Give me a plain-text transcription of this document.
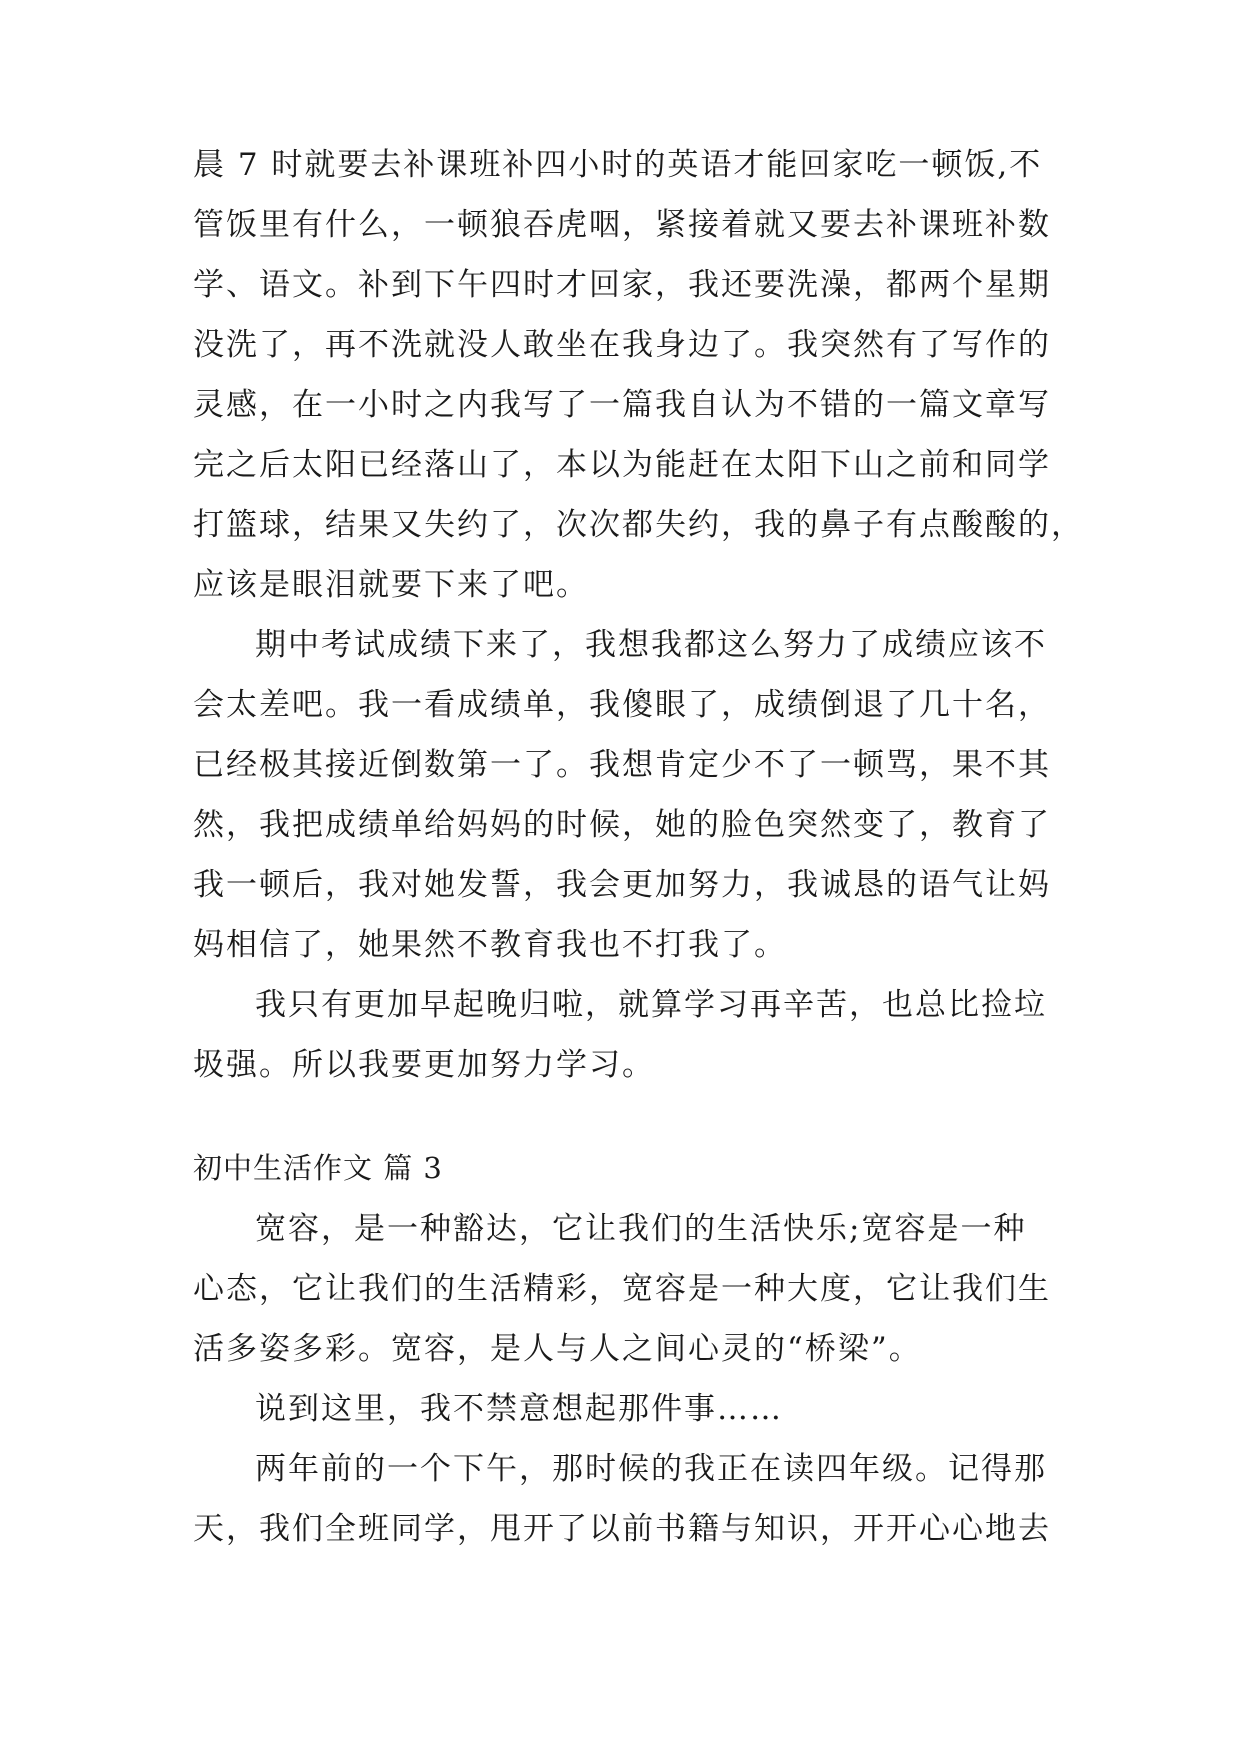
晨 7 时就要去补课班补四小时的英语才能回家吃一顿饭,不
管饭里有什么，一顿狼吞虎咽，紧接着就又要去补课班补数
学、语文。补到下午四时才回家，我还要洗澡，都两个星期
没洗了，再不洗就没人敢坐在我身边了。我突然有了写作的
灵感，在一小时之内我写了一篇我自认为不错的一篇文章写
完之后太阳已经落山了，本以为能赶在太阳下山之前和同学
打篮球，结果又失约了，次次都失约，我的鼻子有点酸酸的，
应该是眼泪就要下来了吧。
期中考试成绩下来了，我想我都这么努力了成绩应该不
会太差吧。我一看成绩单，我傻眼了，成绩倒退了几十名，
已经极其接近倒数第一了。我想肯定少不了一顿骂，果不其
然，我把成绩单给妈妈的时候，她的脸色突然变了，教育了
我一顿后，我对她发誓，我会更加努力，我诚恳的语气让妈
妈相信了，她果然不教育我也不打我了。
我只有更加早起晚归啦，就算学习再辛苦，也总比捡垃
圾强。所以我要更加努力学习。
初中生活作文 篇 3
宽容，是一种豁达，它让我们的生活快乐;宽容是一种
心态，它让我们的生活精彩，宽容是一种大度，它让我们生
活多姿多彩。宽容，是人与人之间心灵的“桥梁”。
说到这里，我不禁意想起那件事……
两年前的一个下午，那时候的我正在读四年级。记得那
天，我们全班同学，甩开了以前书籍与知识，开开心心地去
